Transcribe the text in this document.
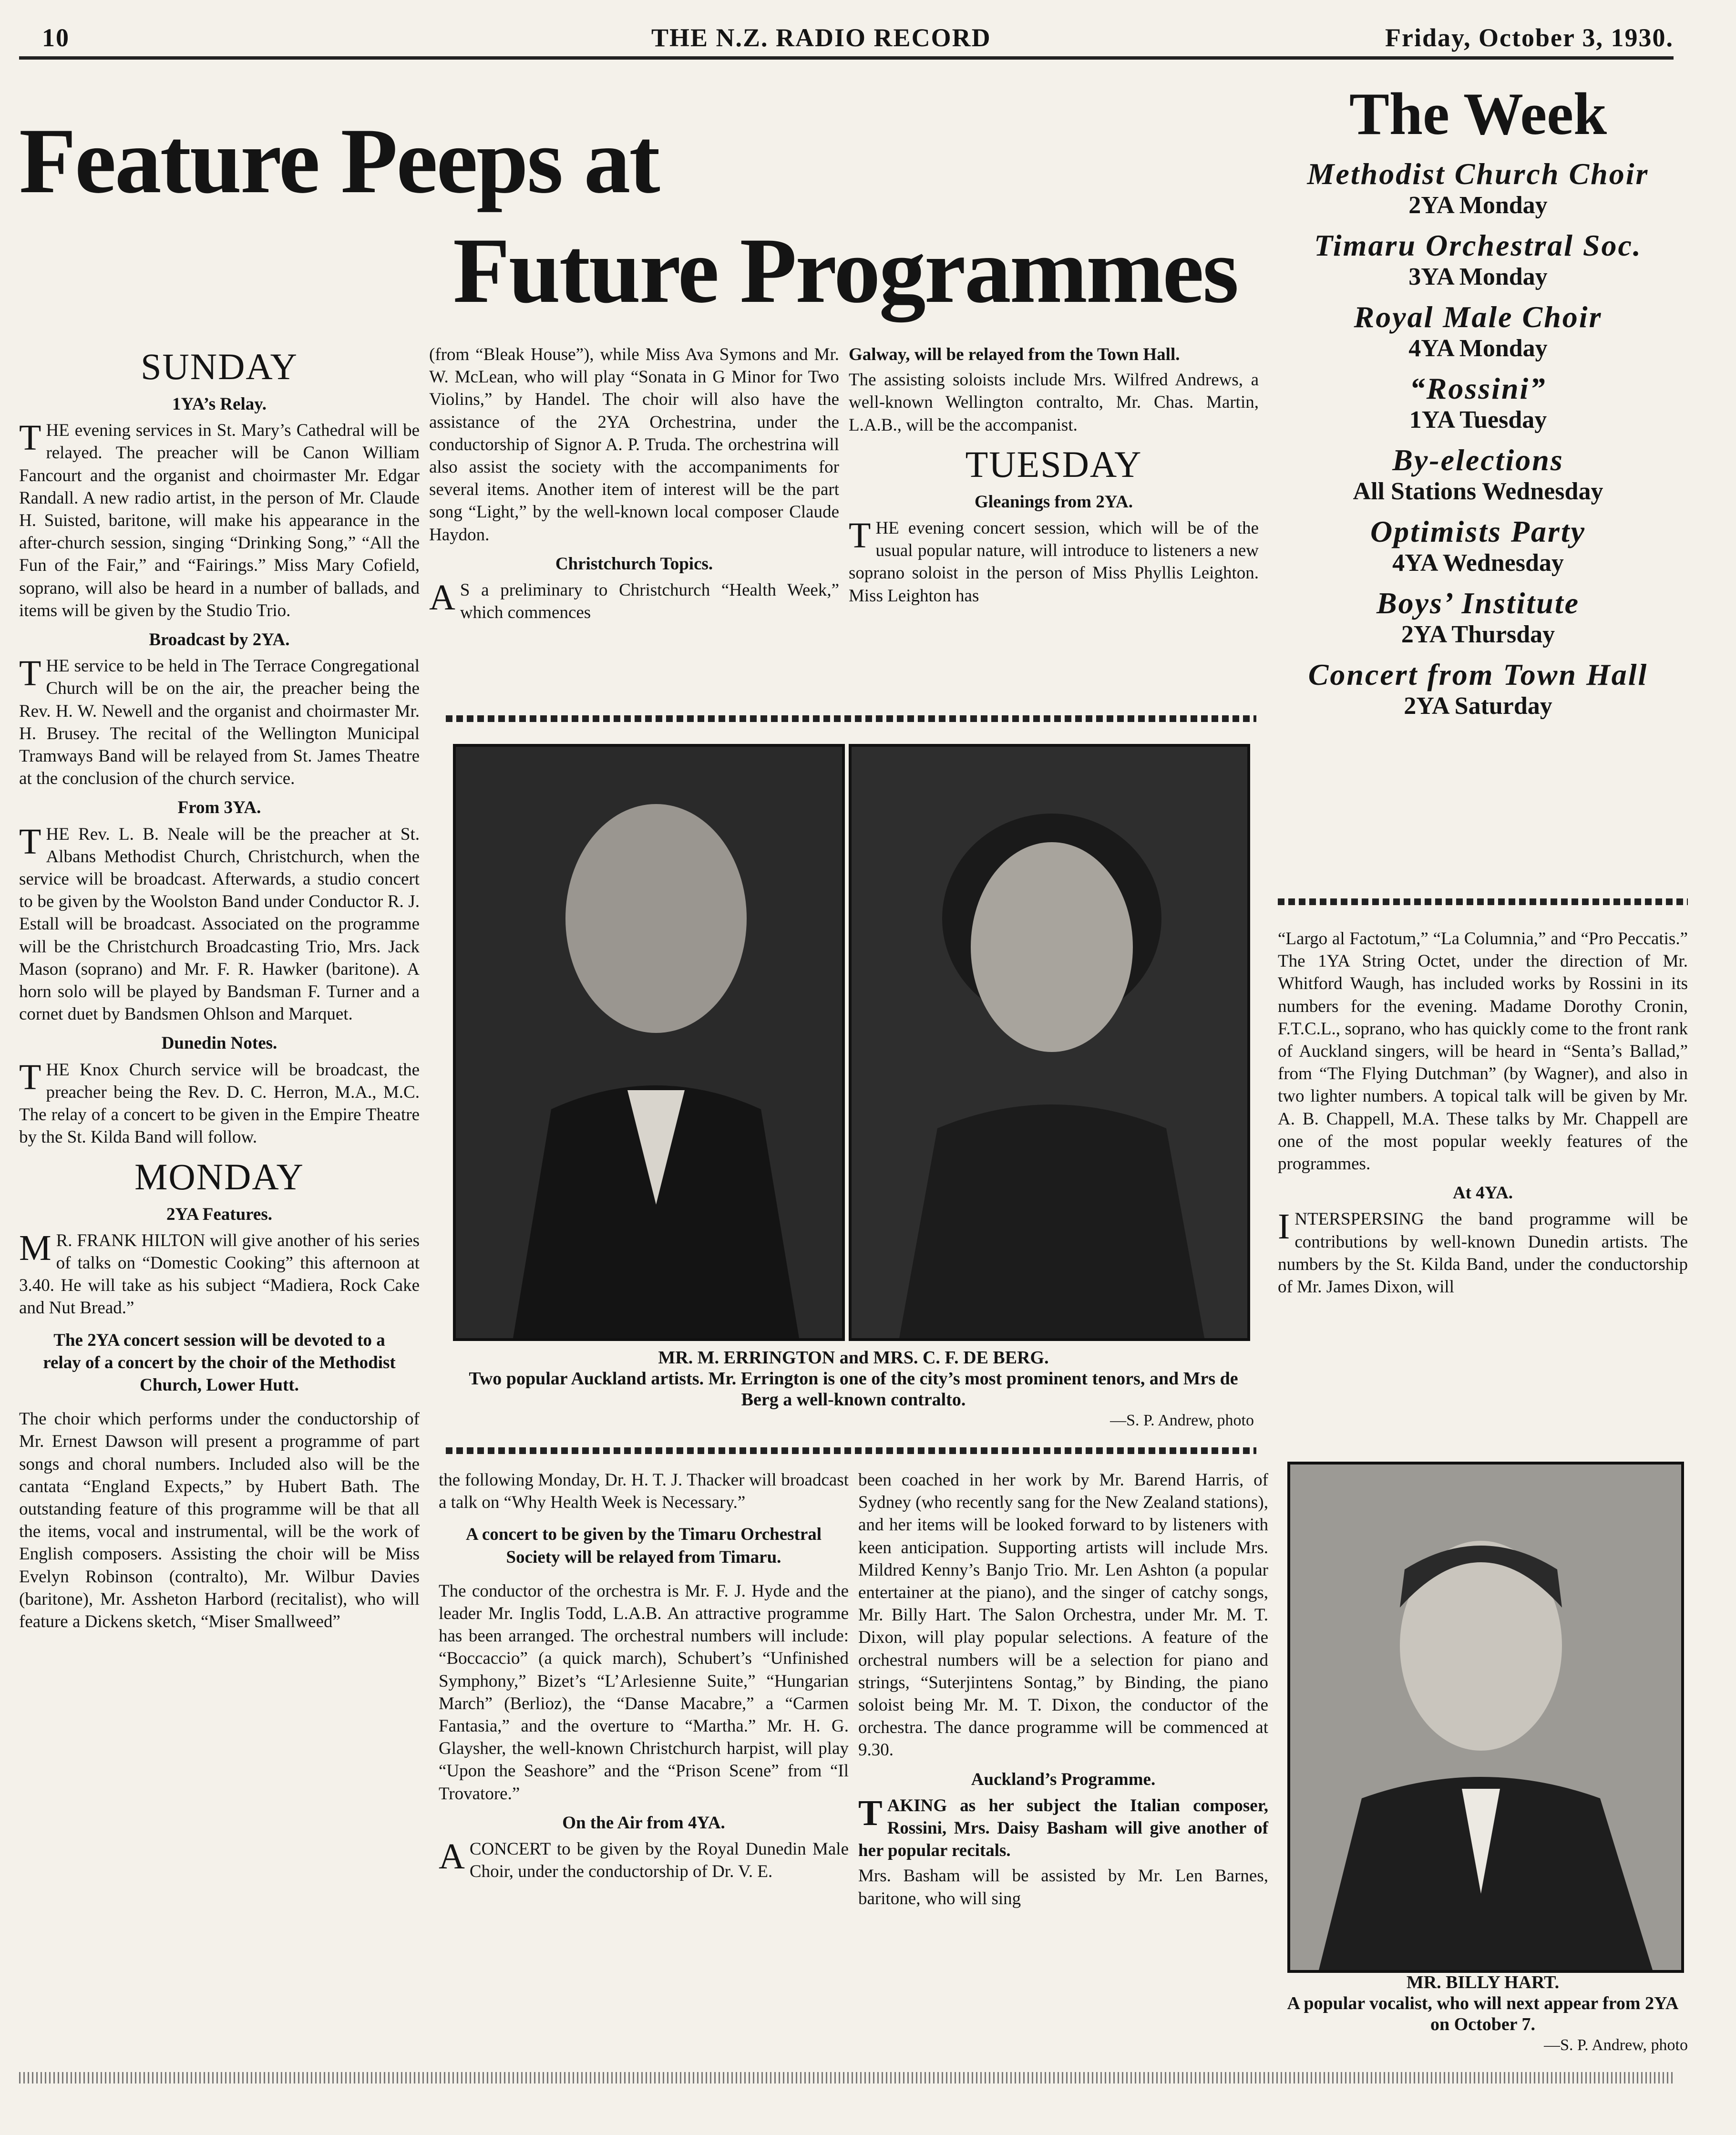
10	THE N.Z. RADIO RECORD	Friday, October 3, 1930.
Feature Peeps at
Future Programmes
The Week
Methodist Church Choir
2YA Monday
Timaru Orchestral Soc.
3YA Monday
Royal Male Choir
4YA Monday
“Rossini”
1YA Tuesday
By-elections
All Stations Wednesday
Optimists Party
4YA Wednesday
Boys’ Institute
2YA Thursday
Concert from Town Hall
2YA Saturday
SUNDAY
1YA’s Relay.

THE evening services in St. Mary’s Cathedral will be relayed. The preacher will be Canon William Fancourt and the organist and choirmaster Mr. Edgar Randall. A new radio artist, in the person of Mr. Claude H. Suisted, baritone, will make his appearance in the after-church session, singing “Drinking Song,” “All the Fun of the Fair,” and “Fairings.” Miss Mary Cofield, soprano, will also be heard in a number of ballads, and items will be given by the Studio Trio.

Broadcast by 2YA.

THE service to be held in The Terrace Congregational Church will be on the air, the preacher being the Rev. H. W. Newell and the organist and choirmaster Mr. H. Brusey. The recital of the Wellington Municipal Tramways Band will be relayed from St. James Theatre at the conclusion of the church service.

From 3YA.

THE Rev. L. B. Neale will be the preacher at St. Albans Methodist Church, Christchurch, when the service will be broadcast. Afterwards, a studio concert to be given by the Woolston Band under Conductor R. J. Estall will be broadcast. Associated on the programme will be the Christchurch Broadcasting Trio, Mrs. Jack Mason (soprano) and Mr. F. R. Hawker (baritone). A horn solo will be played by Bandsman F. Turner and a cornet duet by Bandsmen Ohlson and Marquet.

Dunedin Notes.

THE Knox Church service will be broadcast, the preacher being the Rev. D. C. Herron, M.A., M.C. The relay of a concert to be given in the Empire Theatre by the St. Kilda Band will follow.

MONDAY
2YA Features.

M R. FRANK HILTON will give another of his series of talks on “Domestic Cooking” this afternoon at 3.40. He will take as his subject “Madiera, Rock Cake and Nut Bread.”

The 2YA concert session will be devoted to a relay of a concert by the choir of the Methodist Church, Lower Hutt.

The choir which performs under the conductorship of Mr. Ernest Dawson will present a programme of part songs and choral numbers. Included also will be the cantata “England Expects,” by Hubert Bath. The outstanding feature of this programme will be that all the items, vocal and instrumental, will be the work of English composers. Assisting the choir will be Miss Evelyn Robinson (contralto), Mr. Wilbur Davies (baritone), Mr. Assheton Harbord (recitalist), who will feature a Dickens sketch, “Miser Smallweed”

(from “Bleak House”), while Miss Ava Symons and Mr. W. McLean, who will play “Sonata in G Minor for Two Violins,” by Handel. The choir will also have the assistance of the 2YA Orchestrina, under the conductorship of Signor A. P. Truda. The orchestrina will also assist the society with the accompaniments for several items. Another item of interest will be the part song “Light,” by the well-known local composer Claude Haydon.

Christchurch Topics.

A S a preliminary to Christchurch “Health Week,” which commences

Galway, will be relayed from the Town Hall.

The assisting soloists include Mrs. Wilfred Andrews, a well-known Wellington contralto, Mr. Chas. Martin, L.A.B., will be the accompanist.

TUESDAY
Gleanings from 2YA.

THE evening concert session, which will be of the usual popular nature, will introduce to listeners a new soprano soloist in the person of Miss Phyllis Leighton. Miss Leighton has

MR. M. ERRINGTON and MRS. C. F. DE BERG.
Two popular Auckland artists. Mr. Errington is one of the city’s most prominent tenors, and Mrs de Berg a well-known contralto.
—S. P. Andrew, photo

“Largo al Factotum,” “La Columnia,” and “Pro Peccatis.” The 1YA String Octet, under the direction of Mr. Whitford Waugh, has included works by Rossini in its numbers for the evening. Madame Dorothy Cronin, F.T.C.L., soprano, who has quickly come to the front rank of Auckland singers, will be heard in “Senta’s Ballad,” from “The Flying Dutchman” (by Wagner), and also in two lighter numbers. A topical talk will be given by Mr. A. B. Chappell, M.A. These talks by Mr. Chappell are one of the most popular weekly features of the programmes.

At 4YA.

INTERSPERSING the band programme will be contributions by well-known Dunedin artists. The numbers by the St. Kilda Band, under the conductorship of Mr. James Dixon, will

the following Monday, Dr. H. T. J. Thacker will broadcast a talk on “Why Health Week is Necessary.”

A concert to be given by the Timaru Orchestral Society will be relayed from Timaru.

The conductor of the orchestra is Mr. F. J. Hyde and the leader Mr. Inglis Todd, L.A.B. An attractive programme has been arranged. The orchestral numbers will include: “Boccaccio” (a quick march), Schubert’s “Unfinished Symphony,” Bizet’s “L’Arlesienne Suite,” “Hungarian March” (Berlioz), the “Danse Macabre,” a “Carmen Fantasia,” and the overture to “Martha.” Mr. H. G. Glaysher, the well-known Christchurch harpist, will play “Upon the Seashore” and the “Prison Scene” from “Il Trovatore.”

On the Air from 4YA.

ACONCERT to be given by the Royal Dunedin Male Choir, under the conductorship of Dr. V. E.

been coached in her work by Mr. Barend Harris, of Sydney (who recently sang for the New Zealand stations), and her items will be looked forward to by listeners with keen anticipation. Supporting artists will include Mrs. Mildred Kenny’s Banjo Trio. Mr. Len Ashton (a popular entertainer at the piano), and the singer of catchy songs, Mr. Billy Hart. The Salon Orchestra, under Mr. M. T. Dixon, will play popular selections. A feature of the orchestral numbers will be a selection for piano and strings, “Suterjintens Sontag,” by Binding, the piano soloist being Mr. M. T. Dixon, the conductor of the orchestra. The dance programme will be commenced at 9.30.

Auckland’s Programme.

TAKING as her subject the Italian composer, Rossini, Mrs. Daisy Basham will give another of her popular recitals.

Mrs. Basham will be assisted by Mr. Len Barnes, baritone, who will sing

MR. BILLY HART.
A popular vocalist, who will next appear from 2YA on October 7.
—S. P. Andrew, photo
